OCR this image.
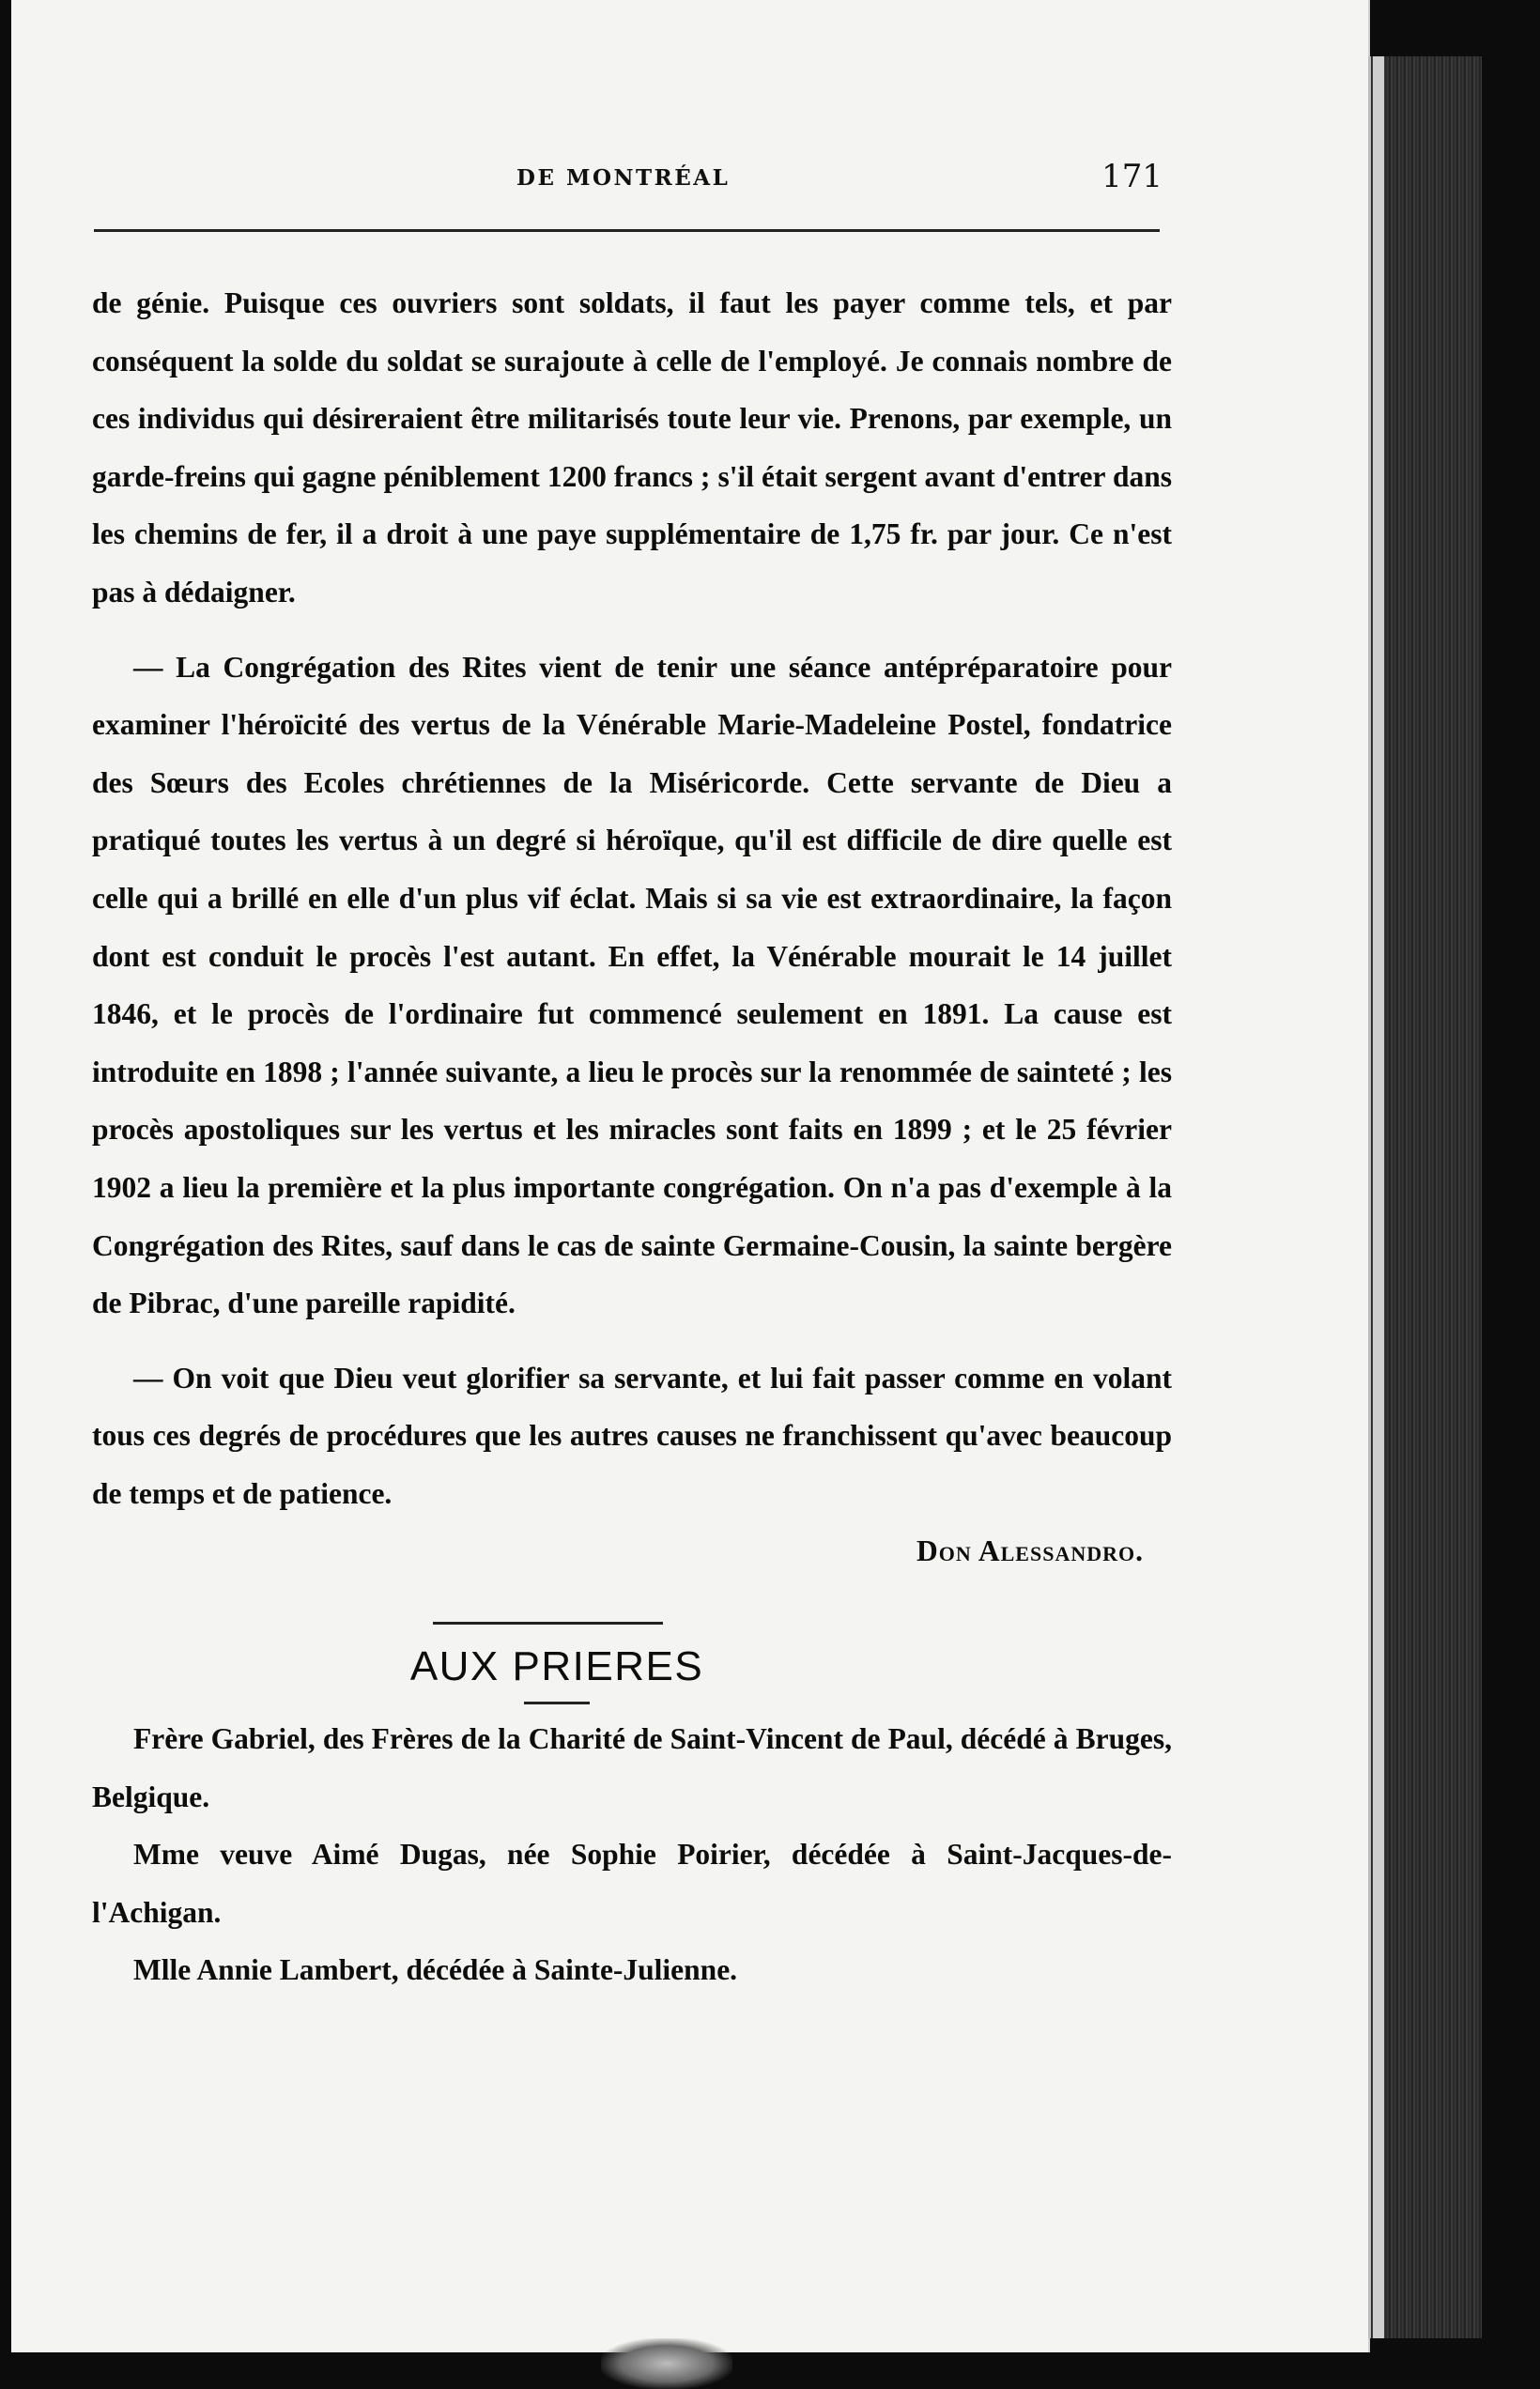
DE MONTRÉAL	171

de génie. Puisque ces ouvriers sont soldats, il faut les payer comme tels, et par conséquent la solde du soldat se surajoute à celle de l'employé. Je connais nombre de ces individus qui désireraient être militarisés toute leur vie. Prenons, par exemple, un garde-freins qui gagne péniblement 1200 francs ; s'il était sergent avant d'entrer dans les chemins de fer, il a droit à une paye supplémentaire de 1,75 fr. par jour. Ce n'est pas à dédaigner.

— La Congrégation des Rites vient de tenir une séance antépréparatoire pour examiner l'héroïcité des vertus de la Vénérable Marie-Madeleine Postel, fondatrice des Sœurs des Ecoles chrétiennes de la Miséricorde. Cette servante de Dieu a pratiqué toutes les vertus à un degré si héroïque, qu'il est difficile de dire quelle est celle qui a brillé en elle d'un plus vif éclat. Mais si sa vie est extraordinaire, la façon dont est conduit le procès l'est autant. En effet, la Vénérable mourait le 14 juillet 1846, et le procès de l'ordinaire fut commencé seulement en 1891. La cause est introduite en 1898 ; l'année suivante, a lieu le procès sur la renommée de sainteté ; les procès apostoliques sur les vertus et les miracles sont faits en 1899 ; et le 25 février 1902 a lieu la première et la plus importante congrégation. On n'a pas d'exemple à la Congrégation des Rites, sauf dans le cas de sainte Germaine-Cousin, la sainte bergère de Pibrac, d'une pareille rapidité.

— On voit que Dieu veut glorifier sa servante, et lui fait passer comme en volant tous ces degrés de procédures que les autres causes ne franchissent qu'avec beaucoup de temps et de patience.

Don Alessandro.

AUX PRIERES

Frère Gabriel, des Frères de la Charité de Saint-Vincent de Paul, décédé à Bruges, Belgique.

Mme veuve Aimé Dugas, née Sophie Poirier, décédée à Saint-Jacques-de-l'Achigan.

Mlle Annie Lambert, décédée à Sainte-Julienne.
